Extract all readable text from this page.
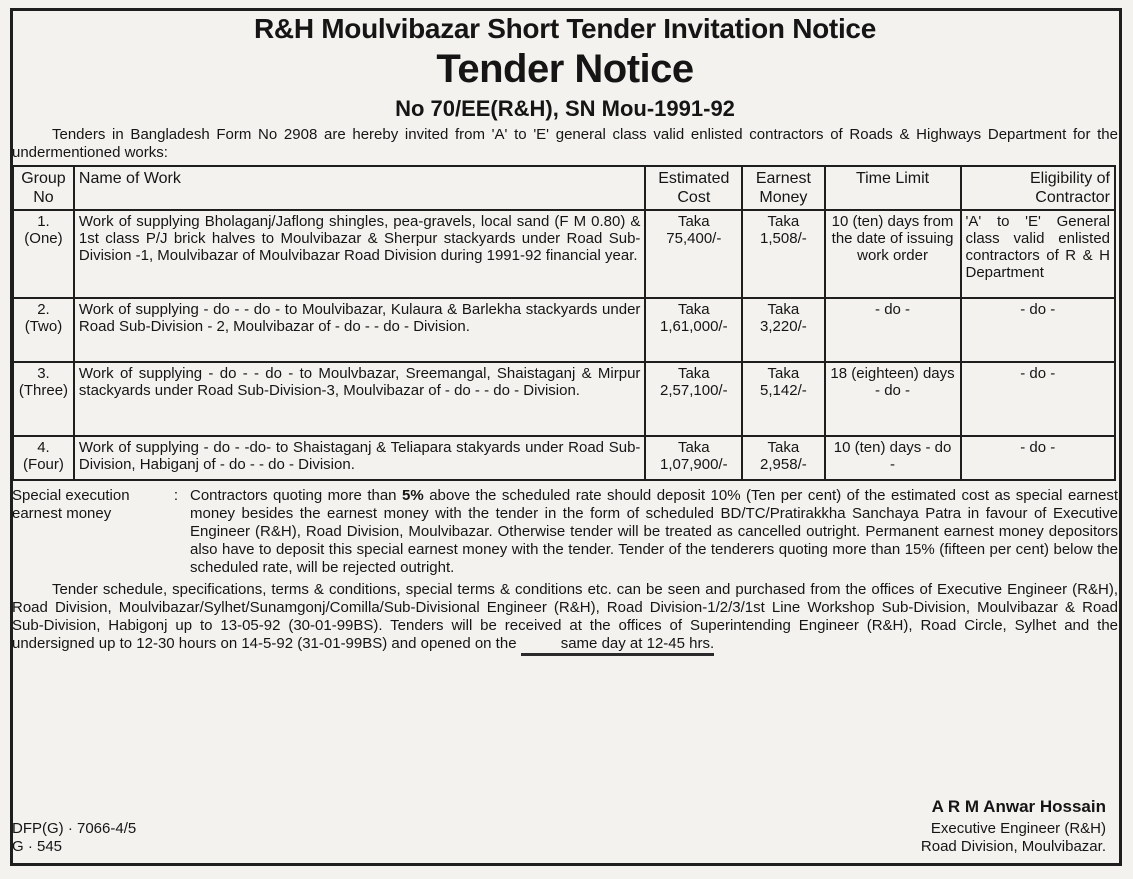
R&H Moulvibazar Short Tender Invitation Notice
Tender Notice
No 70/EE(R&H), SN Mou-1991-92

Tenders in Bangladesh Form No 2908 are hereby invited from 'A' to 'E' general class valid enlisted contractors of Roads & Highways Department for the undermentioned works:

Group No	Name of Work	Estimated Cost	Earnest Money	Time Limit	Eligibility of Contractor
1. (One)	Work of supplying Bholaganj/Jaflong shingles, pea-gravels, local sand (F M 0.80) & 1st class P/J brick halves to Moulvibazar & Sherpur stackyards under Road Sub-Division -1, Moulvibazar of Moulvibazar Road Division during 1991-92 financial year.	Taka 75,400/-	Taka 1,508/-	10 (ten) days from the date of issuing work order	'A' to 'E' General class valid enlisted contractors of R & H Department
2. (Two)	Work of supplying - do - - do - to Moulvibazar, Kulaura & Barlekha stackyards under Road Sub-Division - 2, Moulvibazar of - do - - do - Division.	Taka 1,61,000/-	Taka 3,220/-	- do -	- do -
3. (Three)	Work of supplying - do - - do - to Moulvbazar, Sreemangal, Shaistaganj & Mirpur stackyards under Road Sub-Division-3, Moulvibazar of - do - - do - Division.	Taka 2,57,100/-	Taka 5,142/-	18 (eighteen) days - do -	- do -
4. (Four)	Work of supplying - do - -do- to Shaistaganj & Teliapara stakyards under Road Sub-Division, Habiganj of - do - - do - Division.	Taka 1,07,900/-	Taka 2,958/-	10 (ten) days - do -	- do -
Special execution earnest money
: Contractors quoting more than 5% above the scheduled rate should deposit 10% (Ten per cent) of the estimated cost as special earnest money besides the earnest money with the tender in the form of scheduled BD/TC/Pratirakkha Sanchaya Patra in favour of Executive Engineer (R&H), Road Division, Moulvibazar. Otherwise tender will be treated as cancelled outright. Permanent earnest money depositors also have to deposit this special earnest money with the tender. Tender of the tenderers quoting more than 15% (fifteen per cent) below the scheduled rate, will be rejected outright.

Tender schedule, specifications, terms & conditions, special terms & conditions etc. can be seen and purchased from the offices of Executive Engineer (R&H), Road Division, Moulvibazar/Sylhet/Sunamgonj/Comilla/Sub-Divisional Engineer (R&H), Road Division-1/2/3/1st Line Workshop Sub-Division, Moulvibazar & Road Sub-Division, Habigonj up to 13-05-92 (30-01-99BS). Tenders will be received at the offices of Superintending Engineer (R&H), Road Circle, Sylhet and the undersigned up to 12-30 hours on 14-5-92 (31-01-99BS) and opened on the	same day at 12-45 hrs.

DFP(G) · 7066-4/5
G · 545
A R M Anwar Hossain
Executive Engineer (R&H)
Road Division, Moulvibazar.
